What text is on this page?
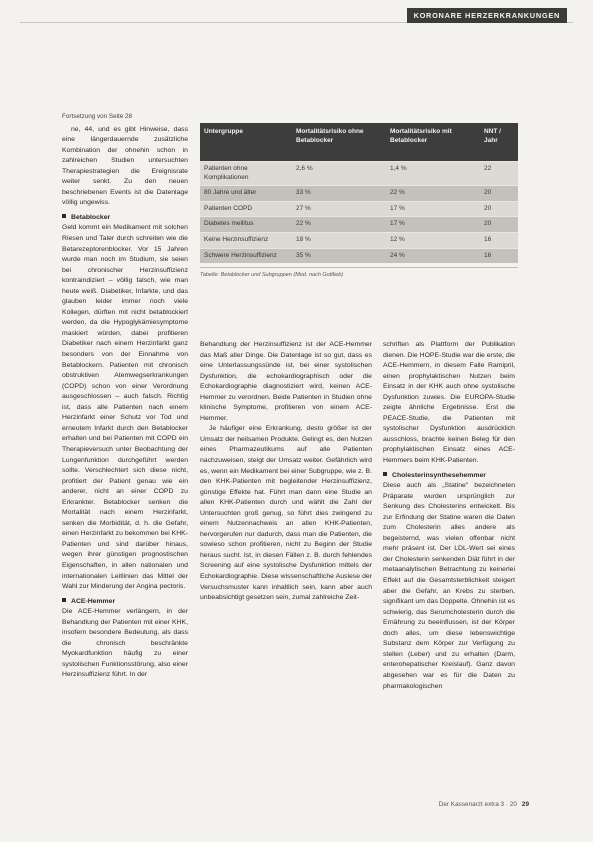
KORONARE HERZERKRANKUNGEN

Fortsetzung von Seite 28

ne, 44, und es gibt Hinweise, dass eine längerdauernde zusätzliche Kombination der ohnehin schon in zahlreichen Studien untersuchten Therapiestrategien die Ereignisrate weiter senkt. Zu den neuen beschriebenen Events ist die Datenlage völlig ungewiss.

Betablocker

Geld kommt ein Medikament mit solchen Riesen und Taler durch schreiten wie die Betarezeptorenblocker. Vor 15 Jahren wurde man noch im Studium, sie seien bei chronischer Herzinsuffizienz kontraindiziert – völlig falsch, wie man heute weiß. Diabetiker, Infarkte, und das glauben leider immer noch viele Kollegen, dürften mit nicht betablockiert werden, da die Hypoglykämiesymptome maskiert würden, dabei profitieren Diabetiker nach einem Herzinfarkt ganz besonders von der Einnahme von Betablockern. Patienten mit chronisch obstruktiven Atemwegserkrankungen (COPD) schon von einer Verordnung ausgeschlossen – auch falsch. Richtig ist, dass alle Patienten nach einem Herzinfarkt einer Schutz vor Tod und erneutem Infarkt durch den Betablocker erhalten und bei Patienten mit COPD ein Therapieversuch unter Beobachtung der Lungenfunktion durchgeführt werden sollte. Verschlechtert sich diese nicht, profitiert der Patient genau wie ein anderer, nicht an einer COPD zu Erkrankter. Betablocker senken die Mortalität nach einem Herzinfarkt, senken die Morbidität, d. h. die Gefahr, einen Herzinfarkt zu bekommen bei KHK-Patienten und sind darüber hinaus, wegen ihrer günstigen prognostischen Eigenschaften, in allen nationalen und internationalen Leitlinien das Mittel der Wahl zur Minderung der Angina pectoris.

ACE-Hemmer

Die ACE-Hemmer verlängern, in der Behandlung der Patienten mit einer KHK, insofern besondere Bedeutung, als dass die chronisch beschränkte Myokardfunktion häufig zu einer systolischen Funktionsstörung, also einer Herzinsuffizienz führt. In der

Untergruppe	Mortalitätsrisiko ohne Betablocker	Mortalitätsrisiko mit Betablocker	NNT / Jahr
Patienten ohne Komplikationen	2,6 %	1,4 %	22
80 Jahre und älter	33 %	22 %	20
Patienten COPD	27 %	17 %	20
Diabetes mellitus	22 %	17 %	20
Keine Herzinsuffizienz	18 %	12 %	16
Schwere Herzinsuffizienz	35 %	24 %	16
Tabelle: Betablocker und Subgruppen (Mod. nach Gottlieb)

Behandlung der Herzinsuffizienz ist der ACE-Hemmer das Maß aller Dinge. Die Datenlage ist so gut, dass es eine Unterlassungssünde ist, bei einer systolischen Dysfunktion, die echokardiographisch oder die Echokardiographie diagnostiziert wird, keinen ACE-Hemmer zu verordnen. Beide Patienten in Studien ohne klinische Symptome, profitieren von einem ACE-Hemmer.

Je häufiger eine Erkrankung, desto größer ist der Umsatz der heilsamen Produkte. Gelingt es, den Nutzen eines Pharmazeutikums auf alle Patienten nachzuweisen, steigt der Umsatz weiter. Gefährlich wird es, wenn ein Medikament bei einer Subgruppe, wie z. B. den KHK-Patienten mit begleitender Herzinsuffizienz, günstige Effekte hat. Führt man dann eine Studie an allen KHK-Patienten durch und wählt die Zahl der Untersuchten groß genug, so führt dies zwingend zu einem Nutzennachweis an allen KHK-Patienten, hervorgerufen nur dadurch, dass man die Patienten, die sowieso schon profitieren, nicht zu Beginn der Studie heraus sucht. Ist, in diesen Fällen z. B. durch fehlendes Screening auf eine systolische Dysfunktion mittels der Echokardiographie. Diese wissenschaftliche Auslese der Versuchsmuster kann inhaltlich sein, kann aber auch unbeabsichtigt gesetzen sein, zumal zahlreiche Zeit-

schriften als Plattform der Publikation dienen. Die HOPE-Studie war die erste, die ACE-Hemmern, in diesem Falle Ramipril, einen prophylaktischen Nutzen beim Einsatz in der KHK auch ohne systolische Dysfunktion zuwies. Die EUROPA-Studie zeigte ähnliche Ergebnisse. Erst die PEACE-Studie, die Patienten mit systolischer Dysfunktion ausdrücklich ausschloss, brachte keinen Beleg für den prophylaktischen Einsatz eines ACE-Hemmers beim KHK-Patienten.

Cholesterinsynthesehemmer

Diese auch als „Statine" bezeichneten Präparate wurden ursprünglich zur Senkung des Cholesterins entwickelt. Bis zur Erfindung der Statine waren die Daten zum Cholesterin alles andere als begeisternd, was vielen offenbar nicht mehr präsent ist. Der LDL-Wert sei eines der Cholesterin senkenden Diät führt in der metaanalytischen Betrachtung zu keinerlei Effekt auf die Gesamtsterblichkeit steigert aber die Gefahr, an Krebs zu sterben, signifikant um das Doppelte. Ohnehin ist es schwierig, das Serumcholesterin durch die Ernährung zu beeinflussen, ist der Körper doch alles, um diese lebenswichtige Substanz dem Körper zur Verfügung zu stellen (Leber) und zu erhalten (Darm, enterohepatischer Kreislauf). Ganz davon abgesehen war es für die Daten zu pharmakologischen

Der Kassenarzt extra 3 · 20 29
